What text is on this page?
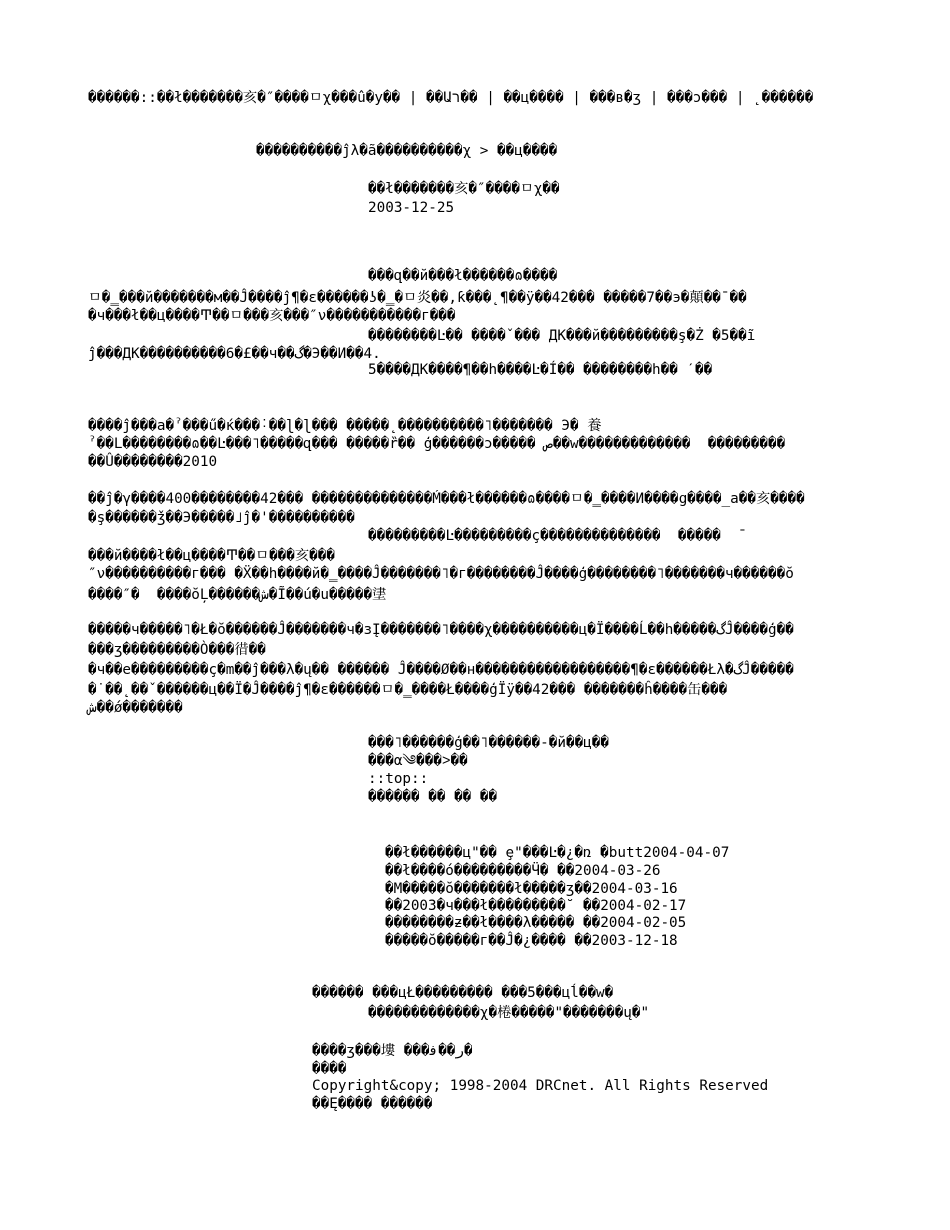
������::��ł�������亥�″����ㅁχ���û�у�� | ��Աר�� | ��ц���� | ���в�ʒ | ���ɔ��� | ˛������
����������ĵλ�ã����������χ > ��ц����
��ł�������亥�″����ㅁχ��
2003-12-25
���զ��й���ł������ɷ����
ㅁ�‗���й�������м��Ĵ����ĵ¶�ε������ʖ�‗�ㅁ炎��,ƙ���˛¶��ÿ��42��� �����7��э�顛��¯��
�ч���ł��ц����Ͳ��ㅁ���亥���″ν�����������г���
��������Ŀ�� ����ˇ��� ДК���й���������ş�Ż �5��ĩ
ĵ���ДК����������6�£��ч��گ�Э��И��4.
5����ДК����¶��һ����Ŀ�Í�� ��������һ�� ˊ��
����ĵ���а�ˀ���ű�ќ���˸��ɭ�ɭ��� �����˛����������˥������� Э� 養
ˀ��L��������ɷ��Ŀ���˥�����զ��� �����ȑ�� ģ������ɔ����� ﺹ��w�������������  ���������
��Û��������2010
��ĵ�γ����400��������42��� ��������������Ḿ���ł������ɷ����ㅁ�‗����И����ց����_а��亥����
�ş������ǯ��Э�����˩ĵ�'����������
���������Ŀ���������ç��������������  �����  ¯
���й����ł��ц����Ͳ��ㅁ���亥���
″ν����������г��� �Ẍ��һ����й�‗����Ĵ�������˥�г��������Ĵ����ģ��������˥�������ч������ŏ
����″�  ����ŏĻ������ﺵ�Ĩ��ú�u�����堻
�����ч�����˥�Ł�ŏ������Ĵ�������ч�зĮ�������˥����χ����������ц�Ï����Ĺ��һ�����گĴ����ģ��
���ʒ���������Ò���徣��
�ч��е���������ç�m��ĵ���λ�ų�� ������ Ĵ����Ø��н������������������¶�ε������Łλ�گĴ�����
�˙��˛��ˇ������ц��Ï�Ĵ����ĵ¶�ε������ㅁ�‗����Ł����ģÏÿ��42��� �������ĥ����缶���
ﺵ��ǿ�������
���˥������ģ��˥������-�й��ц��
���α༄���˃��
::top::
������ �� �� ��
��ł������ц"�� ȩ"���Ŀ�¿�ռ �butt2004-04-07
��ł����ó���������Ӵ� ��2004-03-26
�М�����ŏ�������ł�����ʒ��2004-03-16
��2003�ч���ł���������˘ ��2004-02-17
��������ƶ��ł����λ����� ��2004-02-05
�����ŏ�����г��Ĵ�¿���� ��2003-12-18
������ ���цŁ��������� ���5���цĺ��w�
�������������χ�棬�����"�������ų�"
����ʒ���塿 ���ﺭ��ﻓ�
����
Copyright&copy; 1998-2004 DRCnet. All Rights Reserved
��Ę���� ������
